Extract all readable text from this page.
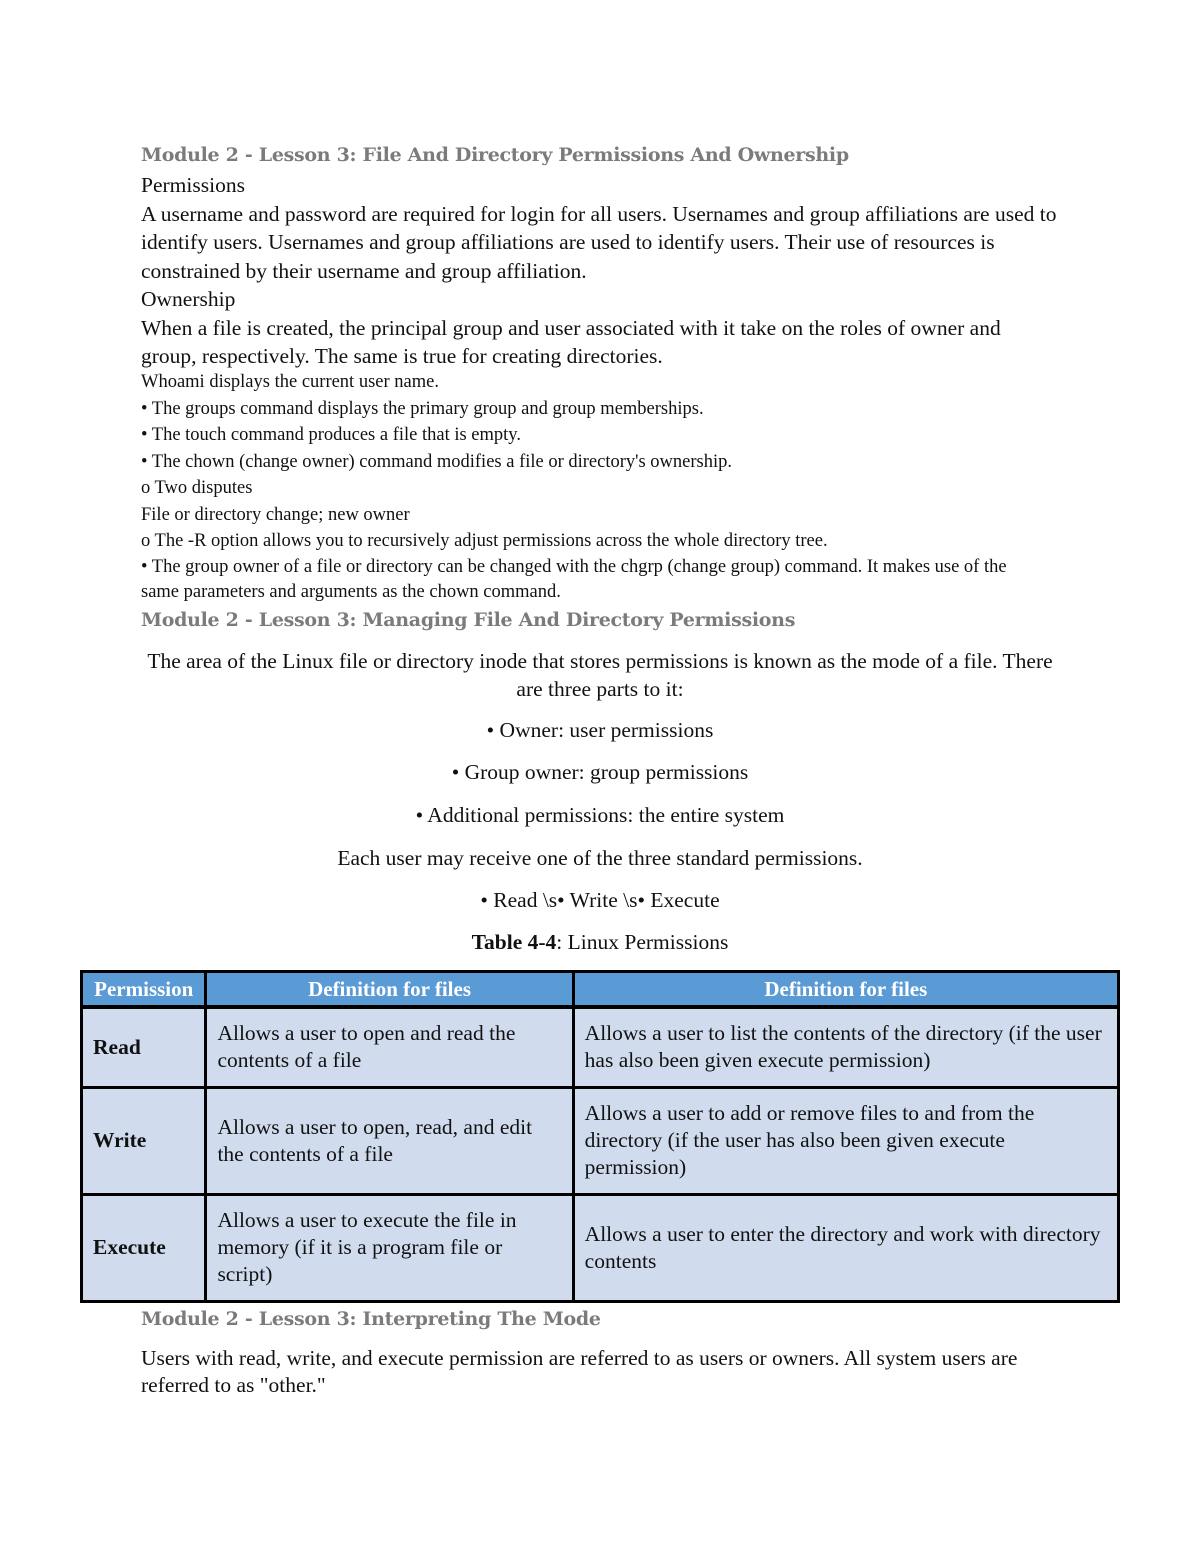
Module 2 - Lesson 3: File And Directory Permissions And Ownership

Permissions

A username and password are required for login for all users. Usernames and group affiliations are used to identify users. Usernames and group affiliations are used to identify users. Their use of resources is constrained by their username and group affiliation.

Ownership

When a file is created, the principal group and user associated with it take on the roles of owner and group, respectively. The same is true for creating directories.

Whoami displays the current user name.

• The groups command displays the primary group and group memberships.

• The touch command produces a file that is empty.

• The chown (change owner) command modifies a file or directory's ownership.

o Two disputes

File or directory change; new owner

o The -R option allows you to recursively adjust permissions across the whole directory tree.

• The group owner of a file or directory can be changed with the chgrp (change group) command. It makes use of the same parameters and arguments as the chown command.

Module 2 - Lesson 3: Managing File And Directory Permissions
The area of the Linux file or directory inode that stores permissions is known as the mode of a file. There are three parts to it:
• Owner: user permissions
• Group owner: group permissions
• Additional permissions: the entire system
Each user may receive one of the three standard permissions.
• Read \s• Write \s• Execute
Table 4-4: Linux Permissions
Permission	Definition for files	Definition for files
Read	Allows a user to open and read the contents of a file	Allows a user to list the contents of the directory (if the user has also been given execute permission)
Write	Allows a user to open, read, and edit the contents of a file	Allows a user to add or remove files to and from the directory (if the user has also been given execute permission)
Execute	Allows a user to execute the file in memory (if it is a program file or script)	Allows a user to enter the directory and work with directory contents
Module 2 - Lesson 3: Interpreting The Mode
Users with read, write, and execute permission are referred to as users or owners. All system users are referred to as "other."
